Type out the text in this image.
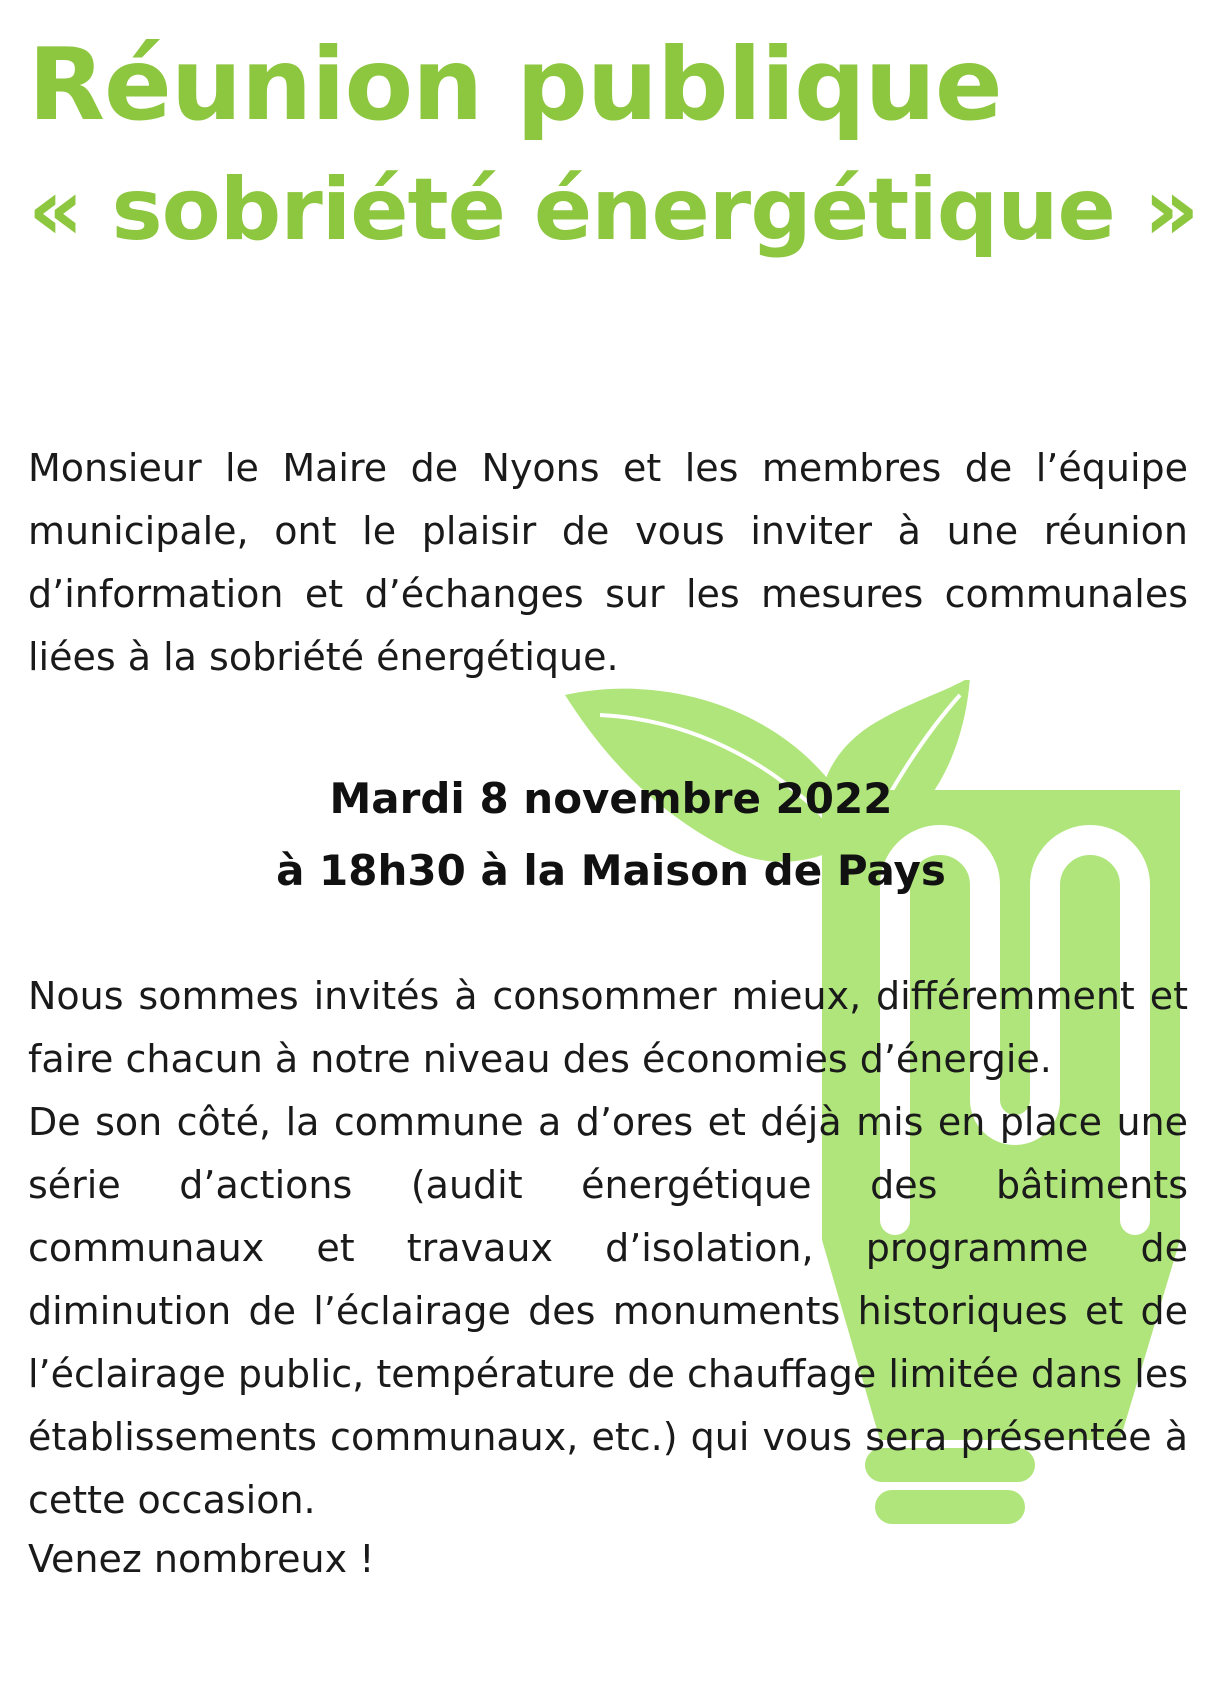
Réunion publique
« sobriété énergétique »

Monsieur le Maire de Nyons et les membres de l’équipe municipale, ont le plaisir de vous inviter à une réunion d’information et d’échanges sur les mesures communales liées à la sobriété énergétique.

Mardi 8 novembre 2022

à 18h30 à la Maison de Pays

Nous sommes invités à consommer mieux, différemment et faire chacun à notre niveau des économies d’énergie.

De son côté, la commune a d’ores et déjà mis en place une série d’actions (audit énergétique des bâtiments communaux et travaux d’isolation, programme de diminution de l’éclairage des monuments historiques et de l’éclairage public, température de chauffage limitée dans les établissements communaux, etc.) qui vous sera présentée à cette occasion.

Venez nombreux !
